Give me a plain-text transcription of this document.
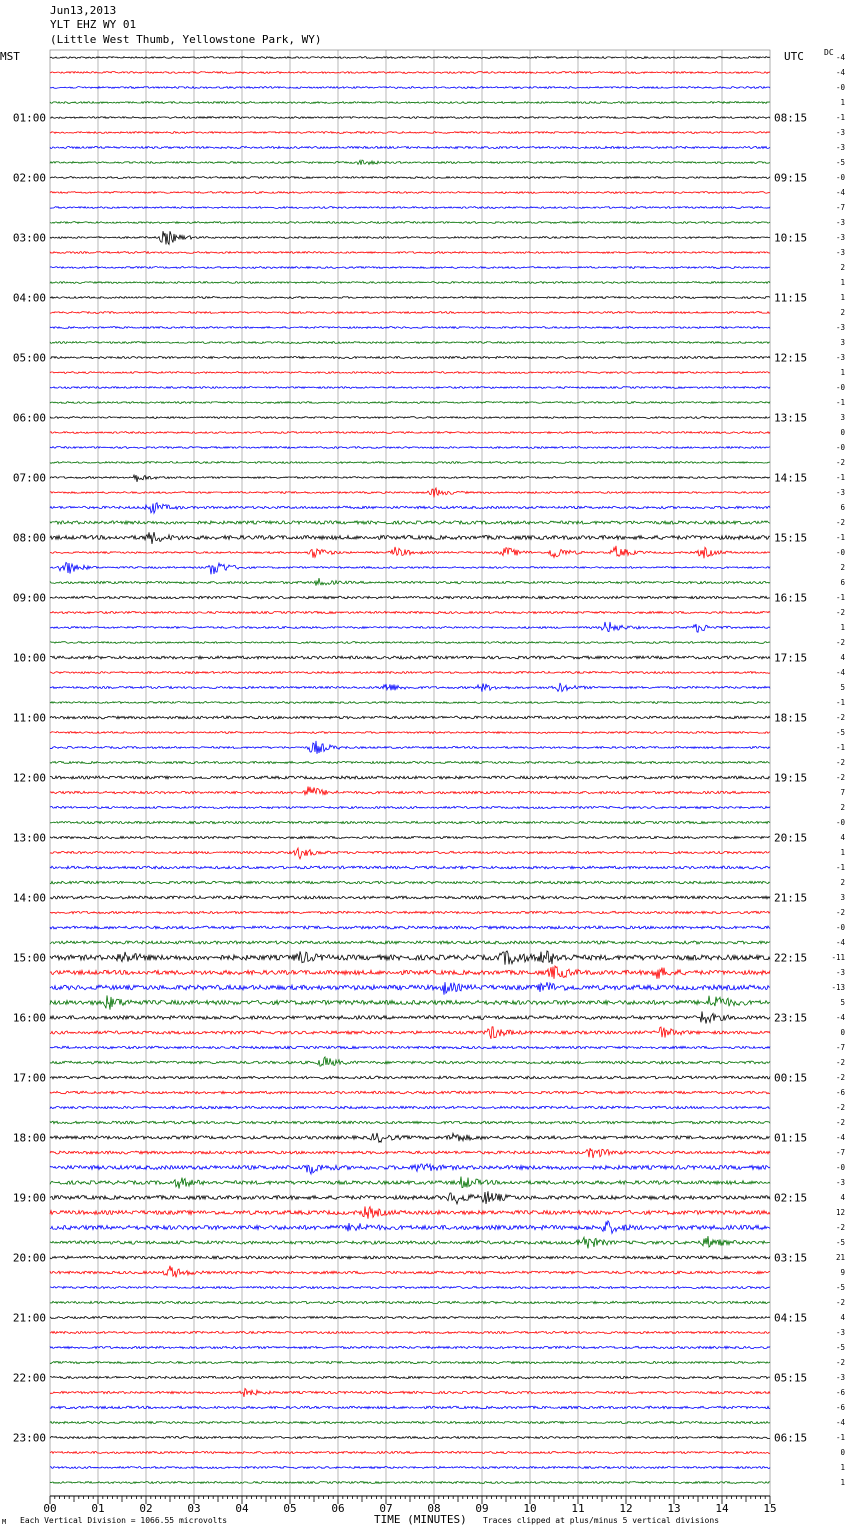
Jun13,2013
YLT EHZ WY 01
(Little West Thumb, Yellowstone Park, WY)
MST	UTC	DC
01:00
02:00
03:00
04:00
05:00
06:00
07:00
08:00
09:00
10:00
11:00
12:00
13:00
14:00
15:00
16:00
17:00
18:00
19:00
20:00
21:00
22:00
23:00
08:15
09:15
10:15
11:15
12:15
13:15
14:15
15:15
16:15
17:15
18:15
19:15
20:15
21:15
22:15
23:15
00:15
01:15
02:15
03:15
04:15
05:15
06:15
-4
-4
-0
1
-1
-3
-3
-5
-0
-4
-7
-3
-3
-3
2
1
1
2
-3
3
-3
1
-0
-1
3
0
-0
-2
-1
-3
6
-2
-1
-0
2
6
-1
-2
1
-2
4
-4
5
-1
-2
-5
-1
-2
-2
7
2
-0
4
1
-1
2
3
-2
-0
-4
-11
-3
-13
5
-4
0
-7
-2
-2
-6
-2
-2
-4
-7
-0
-3
4
12
-2
-5
21
9
-5
-2
4
-3
-5
-2
-3
-6
-6
-4
-1
0
1
1
00	01	02	03	04	05	06	07	08	09	10	11	12	13	14	15
M Each Vertical Division = 1066.55 microvolts	TIME (MINUTES) Traces clipped at plus/minus 5 vertical divisions
